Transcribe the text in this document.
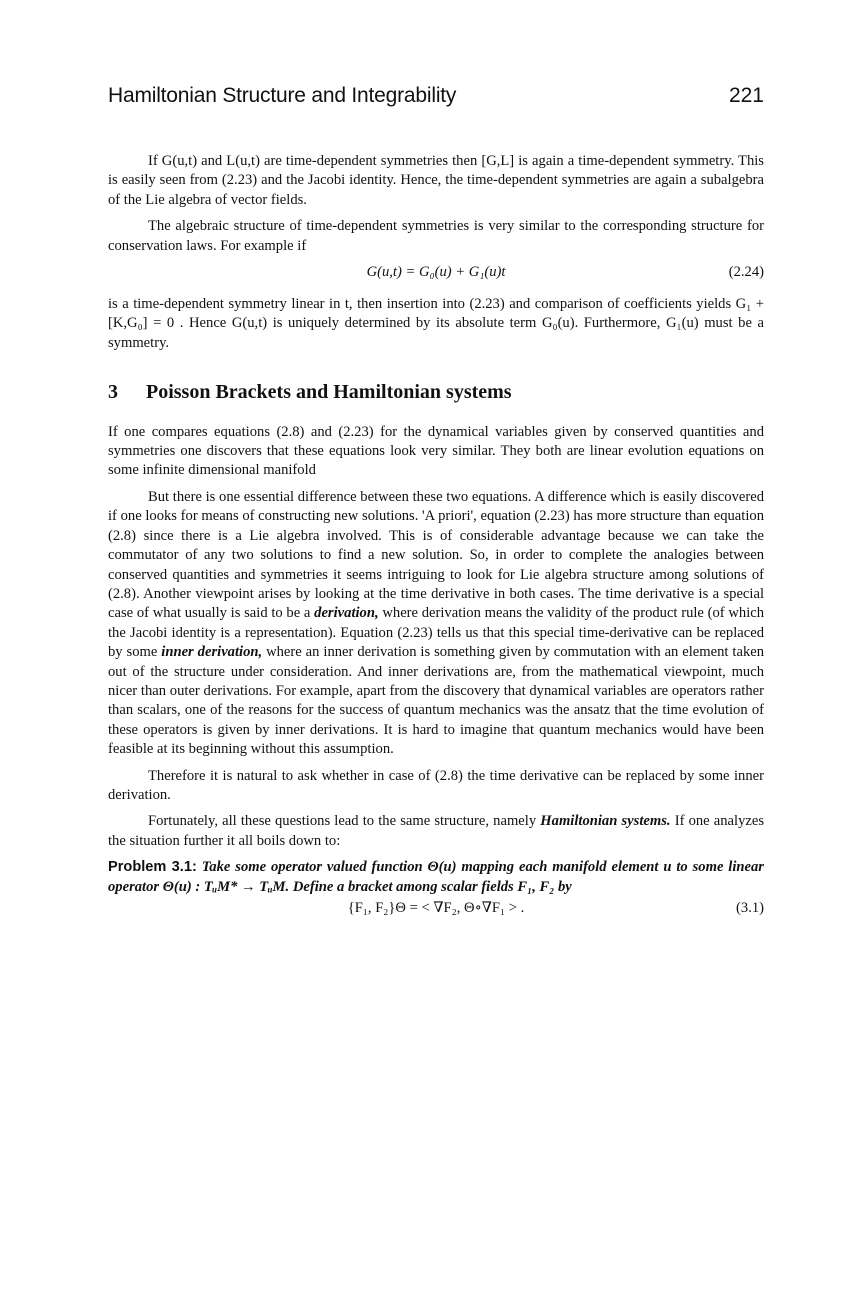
Hamiltonian Structure and Integrability	221

If G(u,t) and L(u,t) are time-dependent symmetries then [G,L] is again a time-dependent symmetry. This is easily seen from (2.23) and the Jacobi identity. Hence, the time-dependent symmetries are again a subalgebra of the Lie algebra of vector fields.

The algebraic structure of time-dependent symmetries is very similar to the corresponding structure for conservation laws. For example if

G(u,t) = G₀(u) + G₁(u)t	(2.24)

is a time-dependent symmetry linear in t, then insertion into (2.23) and comparison of coefficients yields G₁ + [K,G₀] = 0 . Hence G(u,t) is uniquely determined by its absolute term G₀(u). Furthermore, G₁(u) must be a symmetry.

3 Poisson Brackets and Hamiltonian systems

If one compares equations (2.8) and (2.23) for the dynamical variables given by conserved quantities and symmetries one discovers that these equations look very similar. They both are linear evolution equations on some infinite dimensional manifold

But there is one essential difference between these two equations. A difference which is easily discovered if one looks for means of constructing new solutions. 'A priori', equation (2.23) has more structure than equation (2.8) since there is a Lie algebra involved. This is of considerable advantage because we can take the commutator of any two solutions to find a new solution. So, in order to complete the analogies between conserved quantities and symmetries it seems intriguing to look for Lie algebra structure among solutions of (2.8). Another viewpoint arises by looking at the time derivative in both cases. The time derivative is a special case of what usually is said to be a derivation, where derivation means the validity of the product rule (of which the Jacobi identity is a representation). Equation (2.23) tells us that this special time-derivative can be replaced by some inner derivation, where an inner derivation is something given by commutation with an element taken out of the structure under consideration. And inner derivations are, from the mathematical viewpoint, much nicer than outer derivations. For example, apart from the discovery that dynamical variables are operators rather than scalars, one of the reasons for the success of quantum mechanics was the ansatz that the time evolution of these operators is given by inner derivations. It is hard to imagine that quantum mechanics would have been feasible at its beginning without this assumption.

Therefore it is natural to ask whether in case of (2.8) the time derivative can be replaced by some inner derivation.

Fortunately, all these questions lead to the same structure, namely Hamiltonian systems. If one analyzes the situation further it all boils down to:

Problem 3.1: Take some operator valued function Θ(u) mapping each manifold element u to some linear operator Θ(u) : TᵤM* → TᵤM. Define a bracket among scalar fields F₁, F₂ by

{F₁, F₂}Θ = < ∇F₂, Θ∘∇F₁ > .	(3.1)
